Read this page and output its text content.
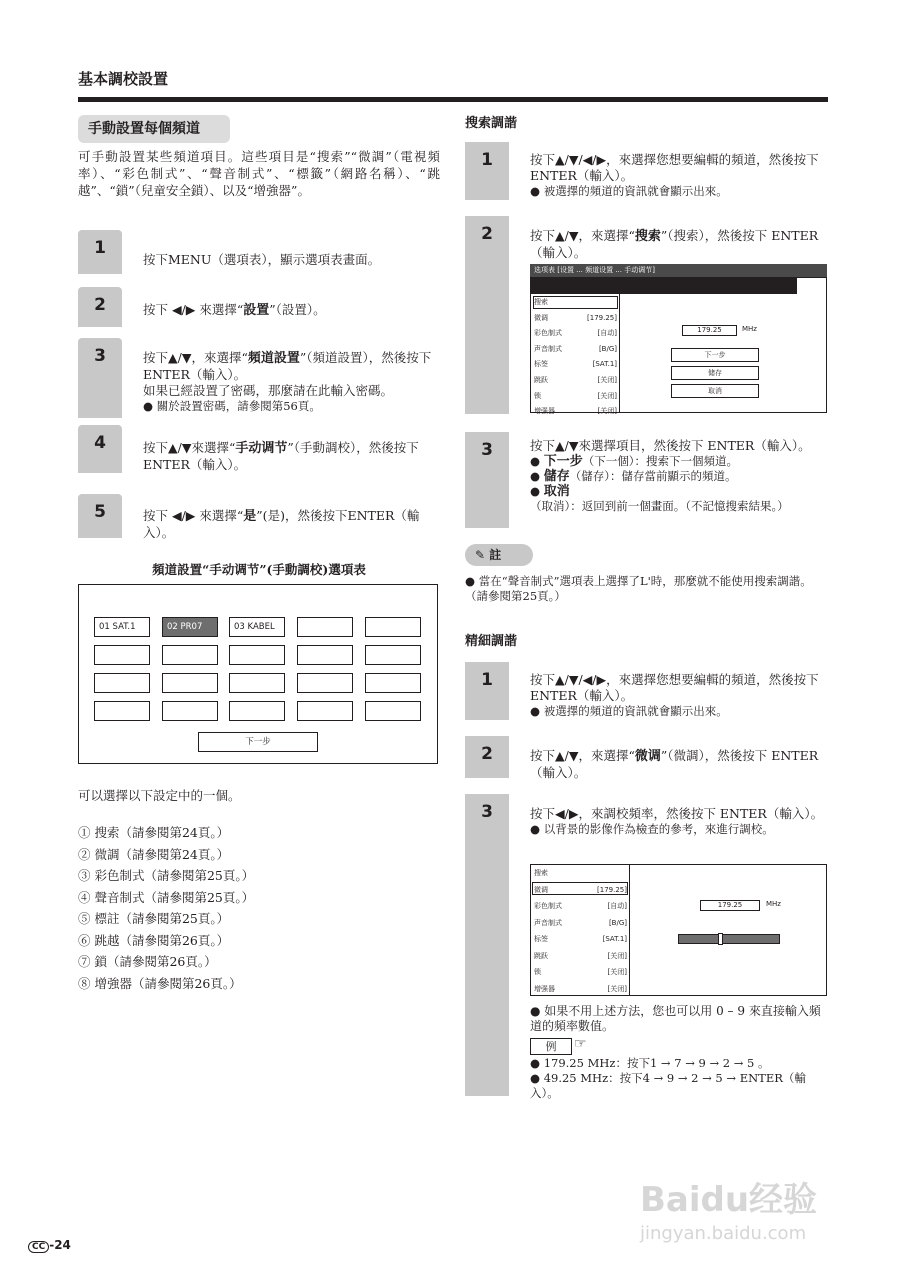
基本調校設置
手動設置每個頻道
可手動設置某些頻道項目。這些項目是“搜索”“微調”（電視頻率）、“彩色制式”、“聲音制式”、“標籤”（網路名稱）、“跳越”、“鎖”（兒童安全鎖）、以及“增強器”。
1
按下MENU（選項表），顯示選項表畫面。
2	按下 ◀/▶ 來選擇“設置”（設置）。
3	按下▲/▼，來選擇“頻道設置”（頻道設置），然後按下 ENTER（輸入）。
如果已經設置了密碼，那麼請在此輸入密碼。
● 關於設置密碼，請參閱第56頁。
4	按下▲/▼來選擇“手动调节”（手動調校），然後按下ENTER（輸入）。
5	按下 ◀/▶ 來選擇“是”(是)，然後按下ENTER（輸入）。
頻道設置“手动调节”(手動調校)選項表
01 SAT.1	02 PR07	03 KABEL
下一步
可以選擇以下設定中的一個。
① 搜索（請參閱第24頁。）
② 微調（請參閱第24頁。）
③ 彩色制式（請參閱第25頁。）
④ 聲音制式（請參閱第25頁。）
⑤ 標註（請參閱第25頁。）
⑥ 跳越（請參閱第26頁。）
⑦ 鎖（請參閱第26頁。）
⑧ 增強器（請參閱第26頁。）
搜索調諧
1	按下▲/▼/◀/▶，來選擇您想要編輯的頻道，然後按下 ENTER（輸入）。
● 被選擇的頻道的資訊就會顯示出來。
2	按下▲/▼，來選擇“搜索”（搜索），然後按下 ENTER（輸入）。
选项表 [设置 ... 频道设置 ... 手动调节]
搜索
微调	[179.25]
彩色制式	[自动]
声音制式	[B/G]
标签	[SAT.1]
跳跃	[关闭]
锁	[关闭]
增强器	[关闭]
179.25	MHz
下一步
储存
取消
3	按下▲/▼來選擇項目，然後按下 ENTER（輸入）。
● 下一步（下一個）：搜索下一個頻道。
● 儲存（儲存）：儲存當前顯示的頻道。
● 取消（取消）：返回到前一個畫面。（不記憶搜索結果。）
✎ 註
● 當在“聲音制式”選項表上選擇了L'時，那麼就不能使用搜索調諧。（請參閱第25頁。）
精細調諧
1	按下▲/▼/◀/▶，來選擇您想要編輯的頻道，然後按下 ENTER（輸入）。
● 被選擇的頻道的資訊就會顯示出來。
2	按下▲/▼，來選擇“微调”（微調），然後按下 ENTER（輸入）。
3	按下◀/▶，來調校頻率，然後按下 ENTER（輸入）。
● 以背景的影像作為檢查的參考，來進行調校。
搜索
微调	[179.25]
彩色制式	[自动]
声音制式	[B/G]
标签	[SAT.1]
跳跃	[关闭]
锁	[关闭]
增强器	[关闭]
179.25	MHz
● 如果不用上述方法，您也可以用 0 – 9 來直接輸入頻道的頻率數值。
例	☞
● 179.25 MHz：按下1 → 7 → 9 → 2 → 5 。
● 49.25 MHz：按下4 → 9 → 2 → 5 → ENTER（輸入）。
Baidu经验
jingyan.baidu.com
CC -24
